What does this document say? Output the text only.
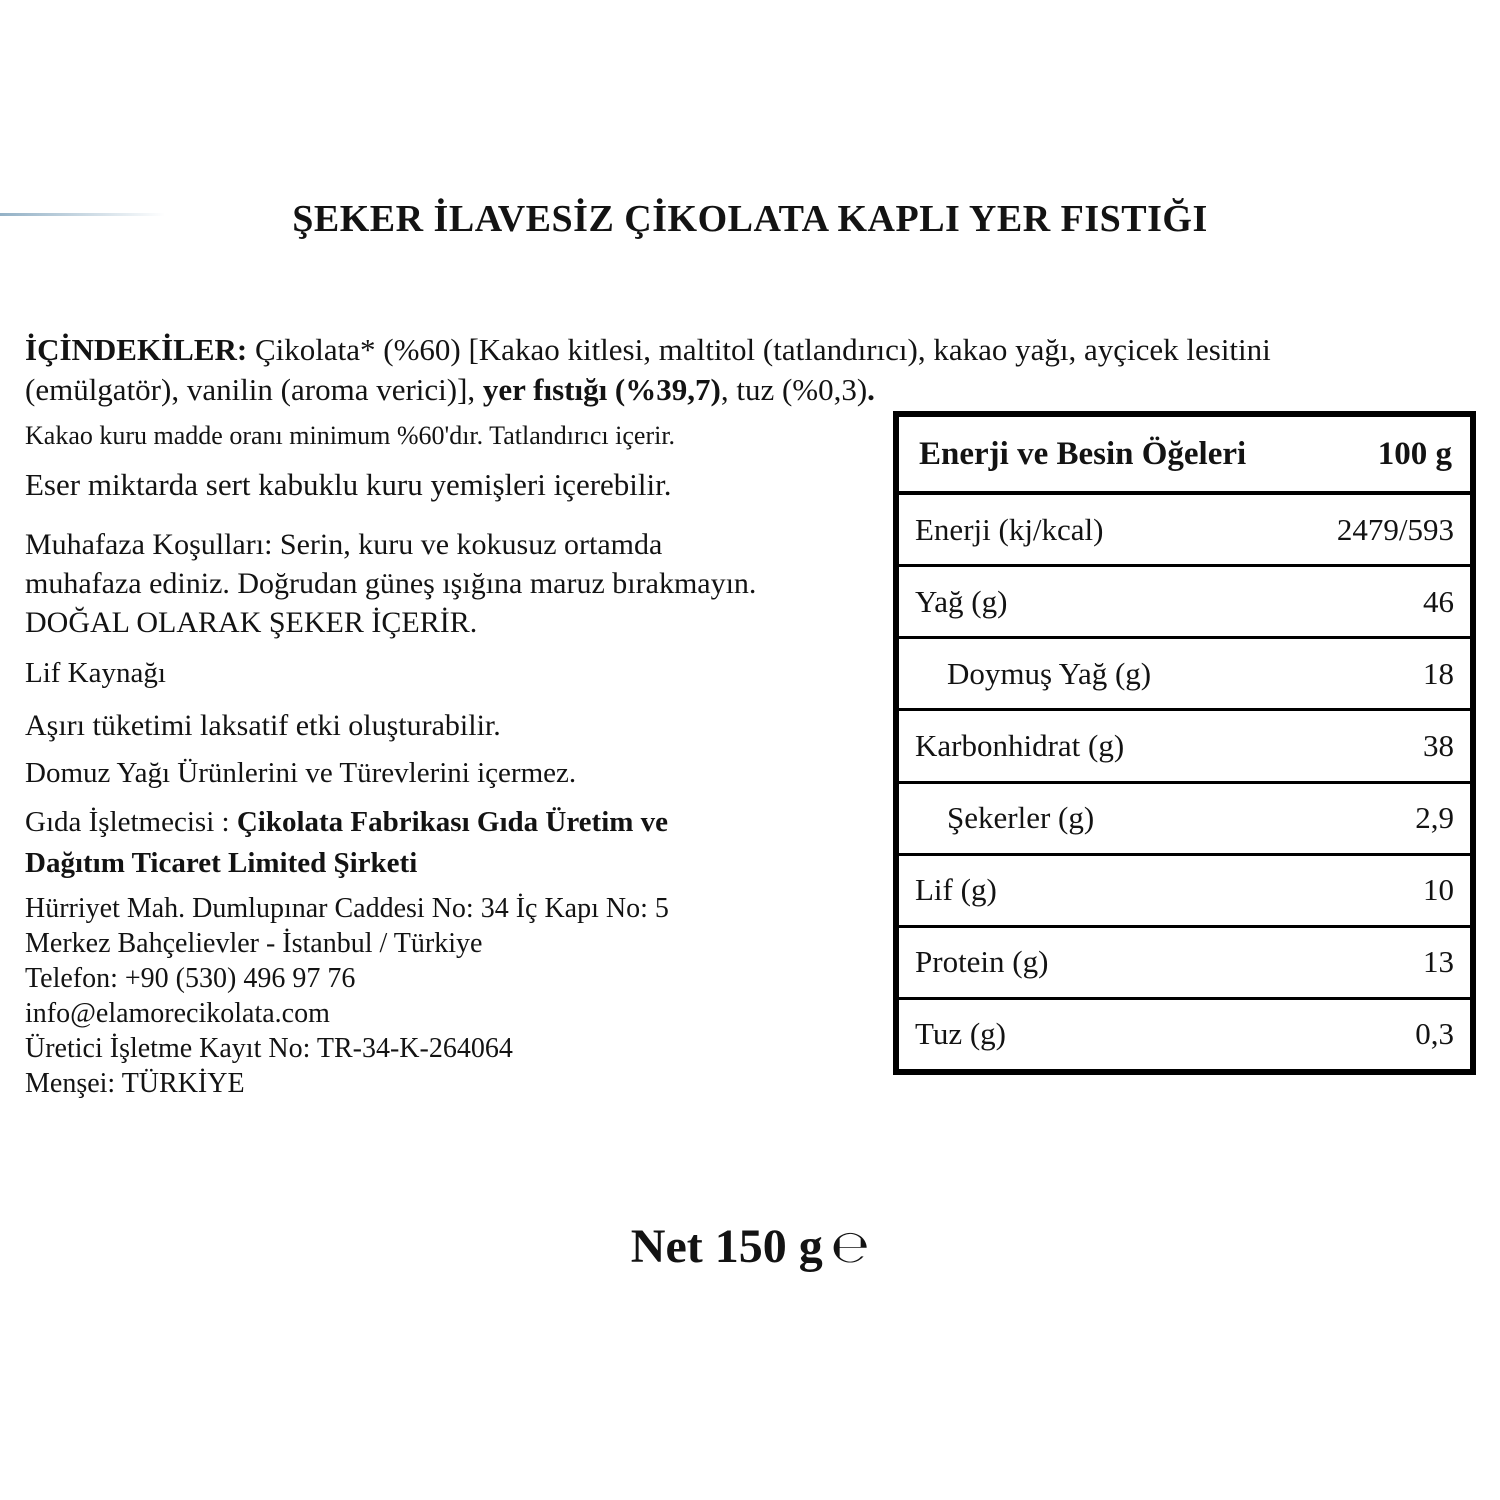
ŞEKER İLAVESİZ ÇİKOLATA KAPLI YER FISTIĞI

İÇİNDEKİLER: Çikolata* (%60) [Kakao kitlesi, maltitol (tatlandırıcı), kakao yağı, ayçicek lesitini
(emülgatör), vanilin (aroma verici)], yer fıstığı (%39,7), tuz (%0,3).

Kakao kuru madde oranı minimum %60'dır. Tatlandırıcı içerir.

Eser miktarda sert kabuklu kuru yemişleri içerebilir.

Muhafaza Koşulları: Serin, kuru ve kokusuz ortamda
muhafaza ediniz. Doğrudan güneş ışığına maruz bırakmayın.

DOĞAL OLARAK ŞEKER İÇERİR.

Lif Kaynağı

Aşırı tüketimi laksatif etki oluşturabilir.

Domuz Yağı Ürünlerini ve Türevlerini içermez.

Gıda İşletmecisi : Çikolata Fabrikası Gıda Üretim ve
Dağıtım Ticaret Limited Şirketi

Hürriyet Mah. Dumlupınar Caddesi No: 34 İç Kapı No: 5

Merkez Bahçelievler - İstanbul / Türkiye

Telefon: +90 (530) 496 97 76

info@elamorecikolata.com

Üretici İşletme Kayıt No: TR-34-K-264064

Menşei: TÜRKİYE

Enerji ve Besin Öğeleri	100 g
Enerji (kj/kcal)	2479/593
Yağ (g)	46
Doymuş Yağ (g)	18
Karbonhidrat (g)	38
Şekerler (g)	2,9
Lif (g)	10
Protein (g)	13
Tuz (g)	0,3
Net 150 g ℮
